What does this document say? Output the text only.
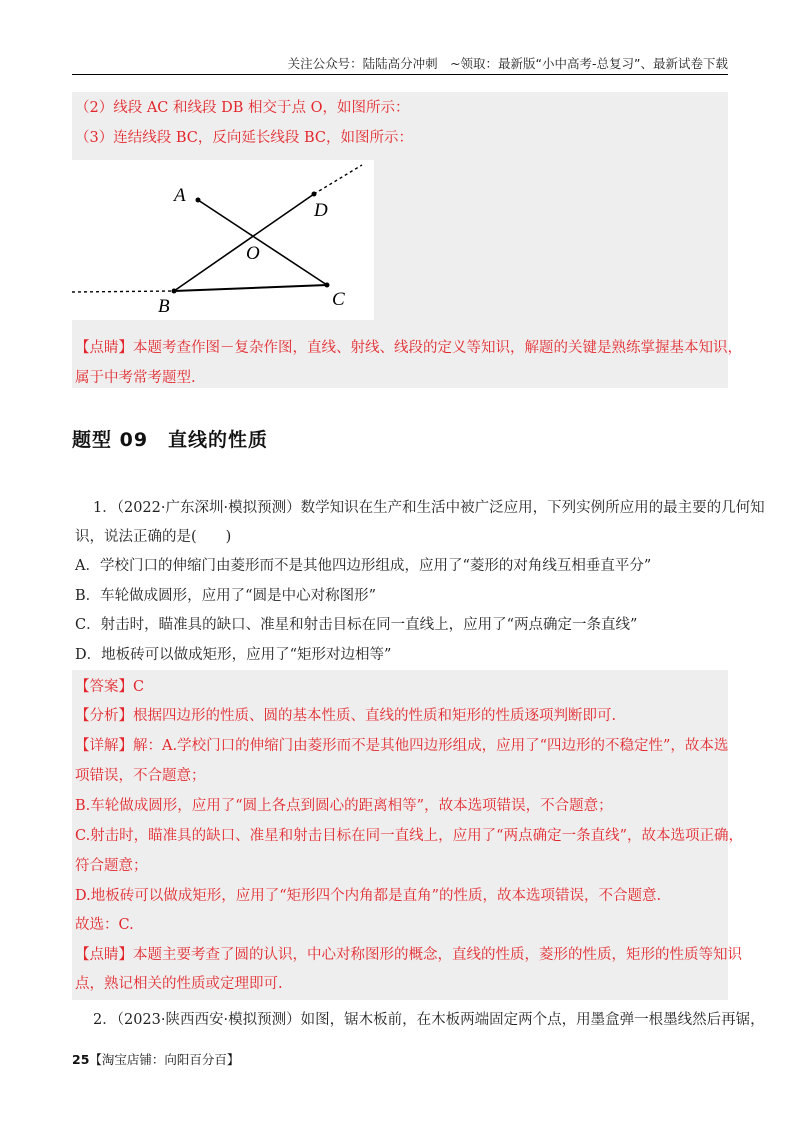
关注公众号：陆陆高分冲刺　~领取：最新版“小中高考-总复习”、最新试卷下载
（2）线段 AC 和线段 DB 相交于点 O，如图所示：
（3）连结线段 BC，反向延长线段 BC，如图所示：
A
D
O
B	C
【点睛】本题考查作图－复杂作图，直线、射线、线段的定义等知识，解题的关键是熟练掌握基本知识，
属于中考常考题型.
题型 09　直线的性质
1．（2022·广东深圳·模拟预测）数学知识在生产和生活中被广泛应用，下列实例所应用的最主要的几何知
识，说法正确的是(　　)
A．学校门口的伸缩门由菱形而不是其他四边形组成，应用了“菱形的对角线互相垂直平分”
B．车轮做成圆形，应用了“圆是中心对称图形”
C．射击时，瞄准具的缺口、准星和射击目标在同一直线上，应用了“两点确定一条直线”
D．地板砖可以做成矩形，应用了“矩形对边相等”
【答案】C
【分析】根据四边形的性质、圆的基本性质、直线的性质和矩形的性质逐项判断即可.
【详解】解：A.学校门口的伸缩门由菱形而不是其他四边形组成，应用了“四边形的不稳定性”，故本选
项错误，不合题意；
B.车轮做成圆形，应用了“圆上各点到圆心的距离相等”，故本选项错误，不合题意；
C.射击时，瞄准具的缺口、准星和射击目标在同一直线上，应用了“两点确定一条直线”，故本选项正确，
符合题意；
D.地板砖可以做成矩形，应用了“矩形四个内角都是直角”的性质，故本选项错误，不合题意.
故选：C.
【点睛】本题主要考查了圆的认识，中心对称图形的概念，直线的性质，菱形的性质，矩形的性质等知识
点，熟记相关的性质或定理即可.
2．（2023·陕西西安·模拟预测）如图，锯木板前，在木板两端固定两个点，用墨盒弹一根墨线然后再锯，
25【淘宝店铺：向阳百分百】
